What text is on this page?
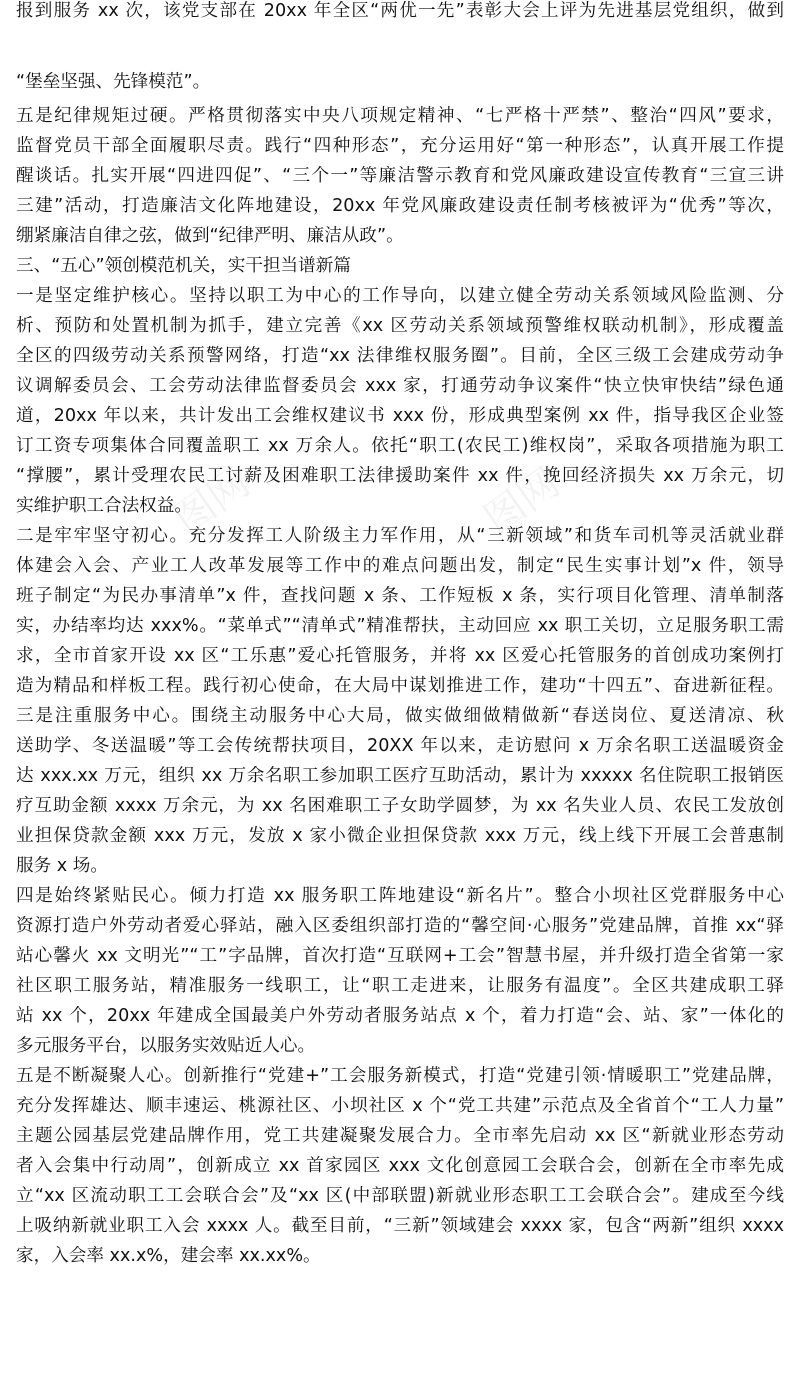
图网	图网
报到服务 xx 次，该党支部在 20xx 年全区“两优一先”表彰大会上评为先进基层党组织，做到
“堡垒坚强、先锋模范”。
五是纪律规矩过硬。严格贯彻落实中央八项规定精神、“七严格十严禁”、整治“四风”要求，
监督党员干部全面履职尽责。践行“四种形态”，充分运用好“第一种形态”，认真开展工作提
醒谈话。扎实开展“四进四促”、“三个一”等廉洁警示教育和党风廉政建设宣传教育“三宣三讲
三建”活动，打造廉洁文化阵地建设，20xx 年党风廉政建设责任制考核被评为“优秀”等次，
绷紧廉洁自律之弦，做到“纪律严明、廉洁从政”。
三、“五心”领创模范机关，实干担当谱新篇
一是坚定维护核心。坚持以职工为中心的工作导向，以建立健全劳动关系领域风险监测、分
析、预防和处置机制为抓手，建立完善《xx 区劳动关系领域预警维权联动机制》，形成覆盖
全区的四级劳动关系预警网络，打造“xx 法律维权服务圈”。目前，全区三级工会建成劳动争
议调解委员会、工会劳动法律监督委员会 xxx 家，打通劳动争议案件“快立快审快结”绿色通
道，20xx 年以来，共计发出工会维权建议书 xxx 份，形成典型案例 xx 件，指导我区企业签
订工资专项集体合同覆盖职工 xx 万余人。依托“职工(农民工)维权岗”，采取各项措施为职工
“撑腰”，累计受理农民工讨薪及困难职工法律援助案件 xx 件，挽回经济损失 xx 万余元，切
实维护职工合法权益。
二是牢牢坚守初心。充分发挥工人阶级主力军作用，从“三新领域”和货车司机等灵活就业群
体建会入会、产业工人改革发展等工作中的难点问题出发，制定“民生实事计划”x 件，领导
班子制定“为民办事清单”x 件，查找问题 x 条、工作短板 x 条，实行项目化管理、清单制落
实，办结率均达 xxx%。“菜单式”“清单式”精准帮扶，主动回应 xx 职工关切，立足服务职工需
求，全市首家开设 xx 区“工乐惠”爱心托管服务，并将 xx 区爱心托管服务的首创成功案例打
造为精品和样板工程。践行初心使命，在大局中谋划推进工作，建功“十四五”、奋进新征程。
三是注重服务中心。围绕主动服务中心大局，做实做细做精做新“春送岗位、夏送清凉、秋
送助学、冬送温暖”等工会传统帮扶项目，20XX 年以来，走访慰问 x 万余名职工送温暖资金
达 xxx.xx 万元，组织 xx 万余名职工参加职工医疗互助活动，累计为 xxxxx 名住院职工报销医
疗互助金额 xxxx 万余元，为 xx 名困难职工子女助学圆梦，为 xx 名失业人员、农民工发放创
业担保贷款金额 xxx 万元，发放 x 家小微企业担保贷款 xxx 万元，线上线下开展工会普惠制
服务 x 场。
四是始终紧贴民心。倾力打造 xx 服务职工阵地建设“新名片”。整合小坝社区党群服务中心
资源打造户外劳动者爱心驿站，融入区委组织部打造的“馨空间·心服务”党建品牌，首推 xx“驿
站心馨火 xx 文明光”“工”字品牌，首次打造“互联网+工会”智慧书屋，并升级打造全省第一家
社区职工服务站，精准服务一线职工，让“职工走进来，让服务有温度”。全区共建成职工驿
站 xx 个，20xx 年建成全国最美户外劳动者服务站点 x 个，着力打造“会、站、家”一体化的
多元服务平台，以服务实效贴近人心。
五是不断凝聚人心。创新推行“党建+”工会服务新模式，打造“党建引领·情暖职工”党建品牌，
充分发挥雄达、顺丰速运、桃源社区、小坝社区 x 个“党工共建”示范点及全省首个“工人力量”
主题公园基层党建品牌作用，党工共建凝聚发展合力。全市率先启动 xx 区“新就业形态劳动
者入会集中行动周”，创新成立 xx 首家园区 xxx 文化创意园工会联合会，创新在全市率先成
立“xx 区流动职工工会联合会”及“xx 区(中部联盟)新就业形态职工工会联合会”。建成至今线
上吸纳新就业职工入会 xxxx 人。截至目前，“三新”领域建会 xxxx 家，包含“两新”组织 xxxx
家，入会率 xx.x%，建会率 xx.xx%。
